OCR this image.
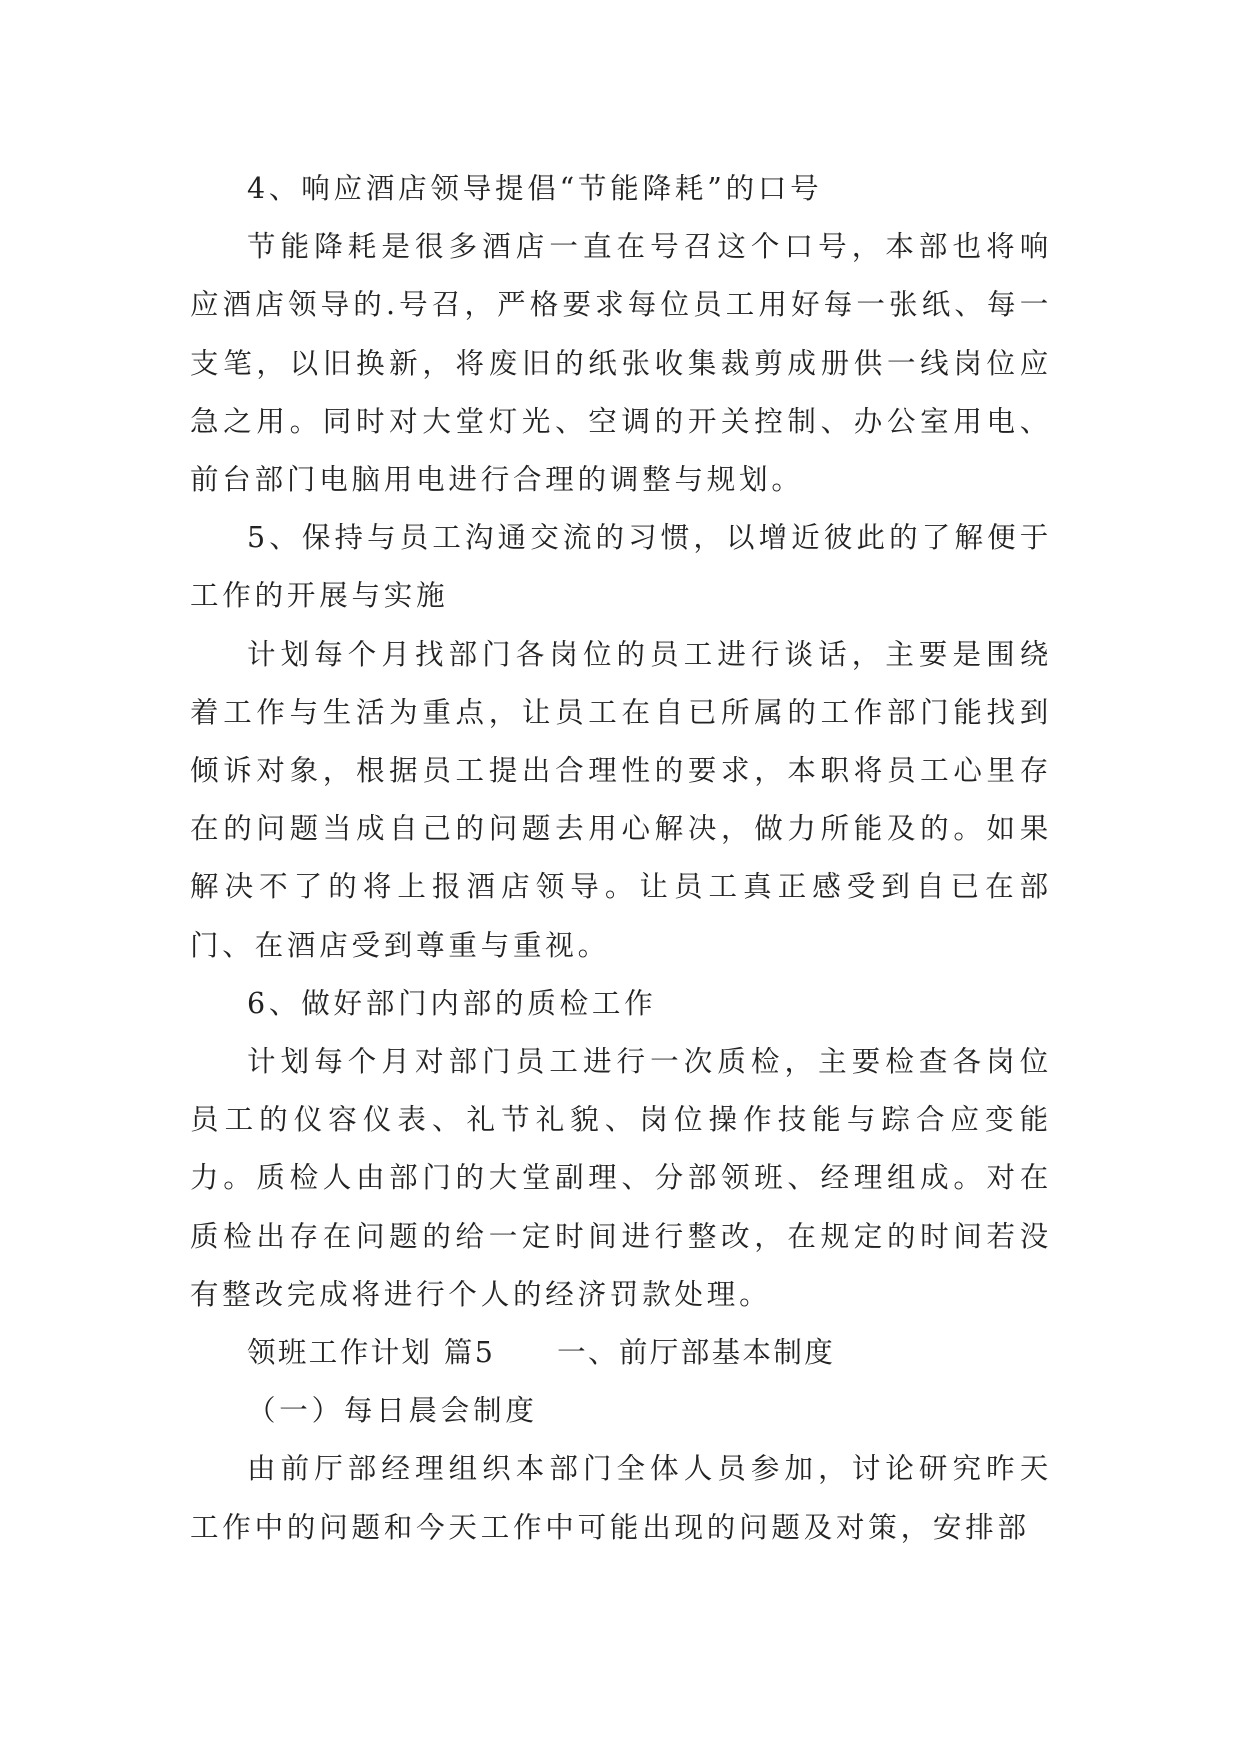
4、响应酒店领导提倡“节能降耗”的口号

节能降耗是很多酒店一直在号召这个口号，本部也将响应酒店领导的.号召，严格要求每位员工用好每一张纸、每一支笔，以旧换新，将废旧的纸张收集裁剪成册供一线岗位应急之用。同时对大堂灯光、空调的开关控制、办公室用电、前台部门电脑用电进行合理的调整与规划。

5、保持与员工沟通交流的习惯，以增近彼此的了解便于工作的开展与实施

计划每个月找部门各岗位的员工进行谈话，主要是围绕着工作与生活为重点，让员工在自已所属的工作部门能找到倾诉对象，根据员工提出合理性的要求，本职将员工心里存在的问题当成自己的问题去用心解决，做力所能及的。如果解决不了的将上报酒店领导。让员工真正感受到自已在部门、在酒店受到尊重与重视。

6、做好部门内部的质检工作

计划每个月对部门员工进行一次质检，主要检查各岗位员工的仪容仪表、礼节礼貌、岗位操作技能与踪合应变能力。质检人由部门的大堂副理、分部领班、经理组成。对在质检出存在问题的给一定时间进行整改，在规定的时间若没有整改完成将进行个人的经济罚款处理。

领班工作计划 篇5　　一、前厅部基本制度

（一）每日晨会制度

由前厅部经理组织本部门全体人员参加，讨论研究昨天工作中的问题和今天工作中可能出现的问题及对策，安排部
